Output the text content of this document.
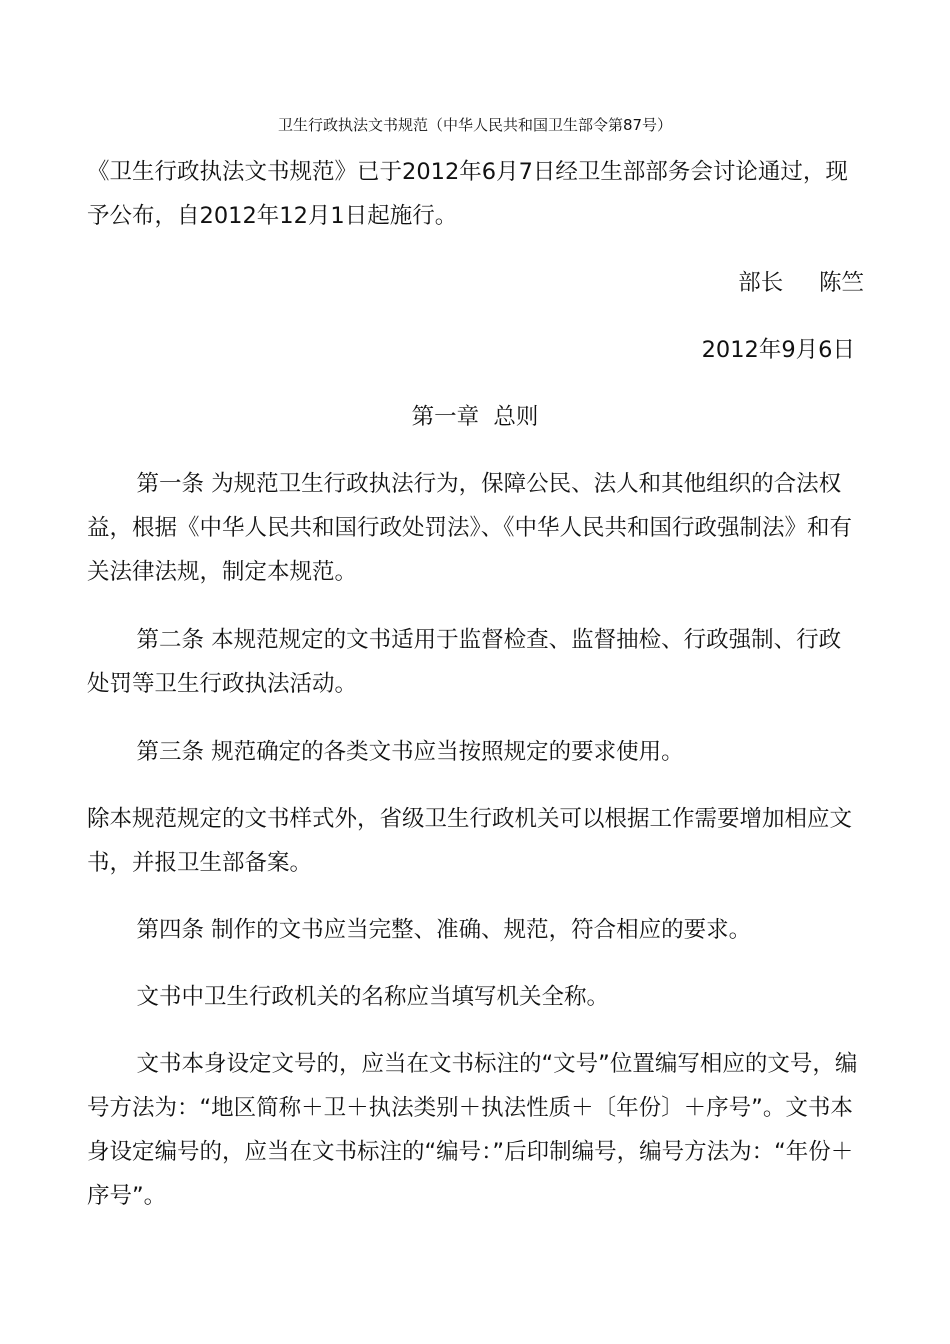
卫生行政执法文书规范（中华人民共和国卫生部令第87号）

《卫生行政执法文书规范》已于2012年6月7日经卫生部部务会讨论通过，现予公布，自2012年12月1日起施行。

部长     陈竺
2012年9月6日
第一章  总则

第一条 为规范卫生行政执法行为，保障公民、法人和其他组织的合法权益，根据《中华人民共和国行政处罚法》、《中华人民共和国行政强制法》和有关法律法规，制定本规范。

第二条 本规范规定的文书适用于监督检查、监督抽检、行政强制、行政处罚等卫生行政执法活动。

第三条 规范确定的各类文书应当按照规定的要求使用。

除本规范规定的文书样式外，省级卫生行政机关可以根据工作需要增加相应文书，并报卫生部备案。

第四条 制作的文书应当完整、准确、规范，符合相应的要求。

文书中卫生行政机关的名称应当填写机关全称。

文书本身设定文号的，应当在文书标注的“文号”位置编写相应的文号，编号方法为：“地区简称＋卫＋执法类别＋执法性质＋〔年份〕＋序号”。文书本身设定编号的，应当在文书标注的“编号：”后印制编号，编号方法为：“年份＋序号”。
